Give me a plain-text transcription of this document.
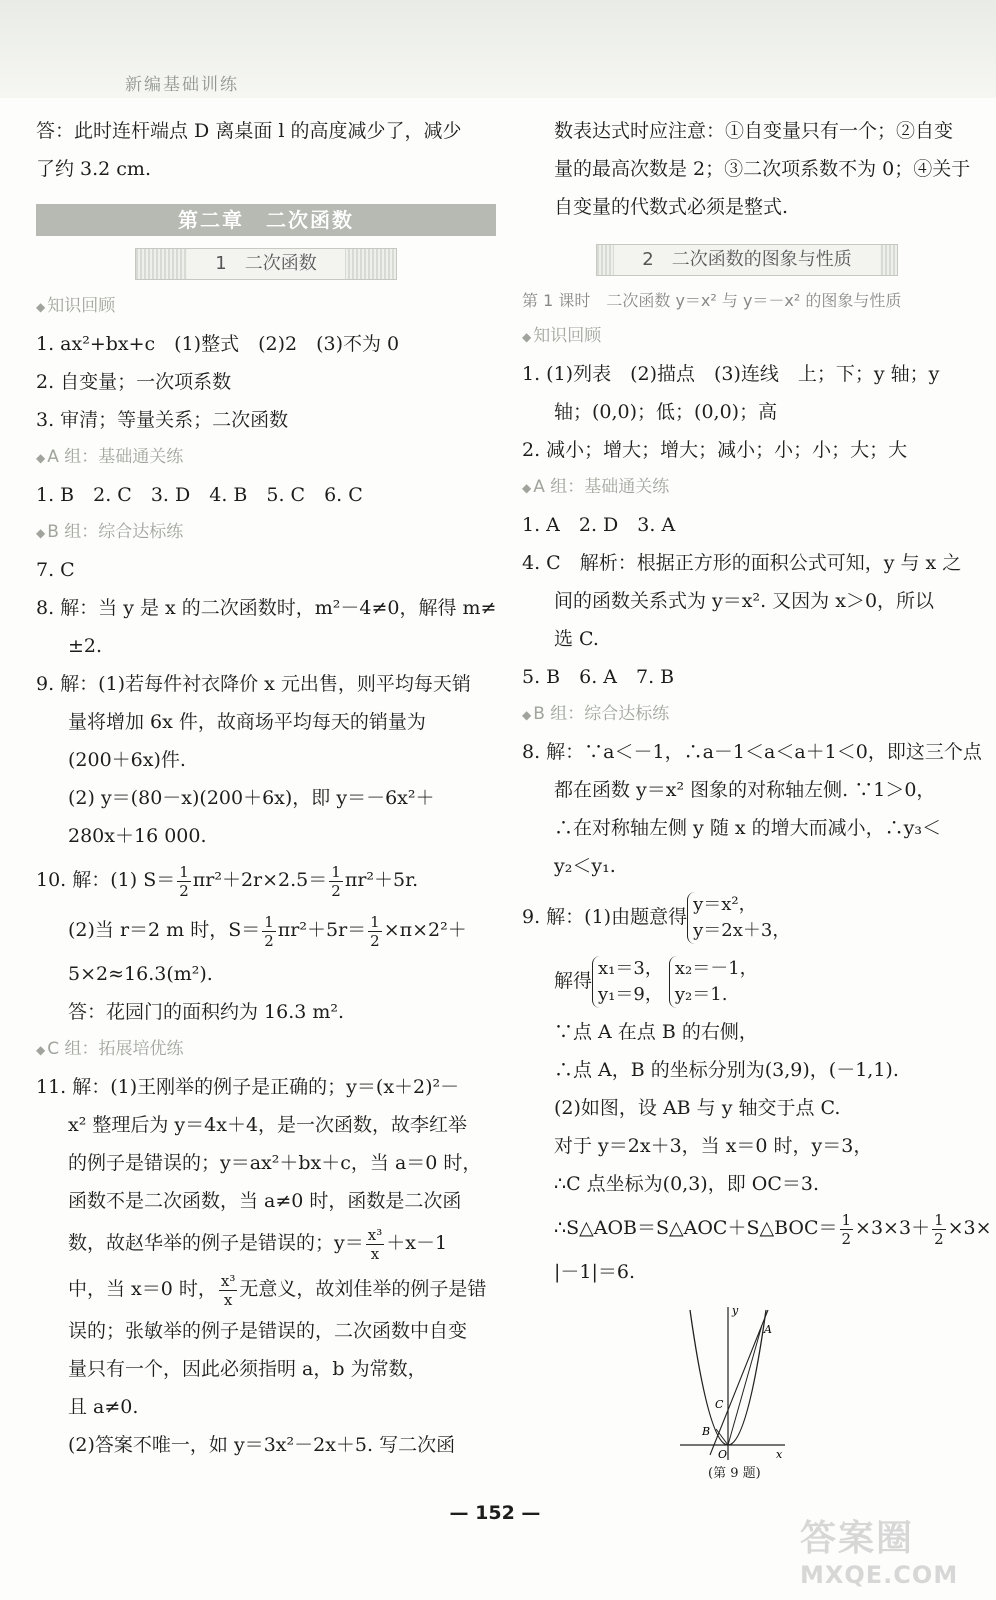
新编基础训练

答：此时连杆端点 D 离桌面 l 的高度减少了，减少

了约 3.2 cm.

第二章　二次函数
1　二次函数

◆ 知识回顾

1. ax²+bx+c　(1)整式　(2)2　(3)不为 0

2. 自变量；一次项系数

3. 审清；等量关系；二次函数

◆ A 组：基础通关练

1. B　2. C　3. D　4. B　5. C　6. C

◆ B 组：综合达标练

7. C

8. 解：当 y 是 x 的二次函数时，m²－4≠0，解得 m≠

±2.

9. 解：(1)若每件衬衣降价 x 元出售，则平均每天销

量将增加 6x 件，故商场平均每天的销量为

(200＋6x)件.

(2) y＝(80－x)(200＋6x)，即 y＝－6x²＋

280x＋16 000.

10. 解：(1) $S= \frac{1}{2} \pi r^2+2r\times 2.5= \frac{1}{2} \pi r^2+5r$.

(2)当 r＝2 m 时，$S= \frac{1}{2} \pi r^2+5r= \frac{1}{2} \times\pi\times 2^2+$

5×2≈16.3(m²).

答：花园门的面积约为 16.3 m².

◆ C 组：拓展培优练

11. 解：(1)王刚举的例子是正确的；y＝(x＋2)²－

x² 整理后为 y＝4x＋4，是一次函数，故李红举

的例子是错误的；y＝ax²＋bx＋c，当 a＝0 时，

函数不是二次函数，当 a≠0 时，函数是二次函

数，故赵华举的例子是错误的；$y= \frac{\text{x³}}{x} +x-1$

中，当 x＝0 时， $\frac{\text{x³}}{x}$ 无意义，故刘佳举的例子是错

误的；张敏举的例子是错误的，二次函数中自变

量只有一个，因此必须指明 a，b 为常数，

且 a≠0.

(2)答案不唯一，如 y＝3x²－2x＋5. 写二次函

数表达式时应注意：①自变量只有一个；②自变

量的最高次数是 2；③二次项系数不为 0；④关于

自变量的代数式必须是整式.

2　二次函数的图象与性质

第 1 课时　二次函数 y＝x² 与 y＝－x² 的图象与性质

◆ 知识回顾

1. (1)列表　(2)描点　(3)连线　上；下；y 轴；y

轴；(0,0)；低；(0,0)；高

2. 减小；增大；增大；减小；小；小；大；大

◆ A 组：基础通关练

1. A　2. D　3. A

4. C　解析：根据正方形的面积公式可知，y 与 x 之

间的函数关系式为 y＝x². 又因为 x＞0，所以

选 C.

5. B　6. A　7. B

◆ B 组：综合达标练

8. 解：∵a＜－1，∴a－1＜a＜a＋1＜0，即这三个点

都在函数 y＝x² 图象的对称轴左侧. ∵1＞0，

∴在对称轴左侧 y 随 x 的增大而减小，∴y₃＜

y₂＜y₁.

9. 解：(1)由题意得
y＝x²，
y＝2x＋3，

解得
x₁＝3，
y₁＝9，
x₂＝－1，
y₂＝1.

∵点 A 在点 B 的右侧，

∴点 A，B 的坐标分别为(3,9)，(－1,1).

(2)如图，设 AB 与 y 轴交于点 C.

对于 y＝2x＋3，当 x＝0 时，y＝3，

∴C 点坐标为(0,3)，即 OC＝3.

∴S△AOB＝S△AOC＋S△BOC＝ $\frac{1}{2} \times 3\times 3+ \frac{1}{2} \times 3\times$

|－1|＝6.

y
x
A
B
C
O
(第 9 题)
— 152 —
答案圈
MXQE.COM
